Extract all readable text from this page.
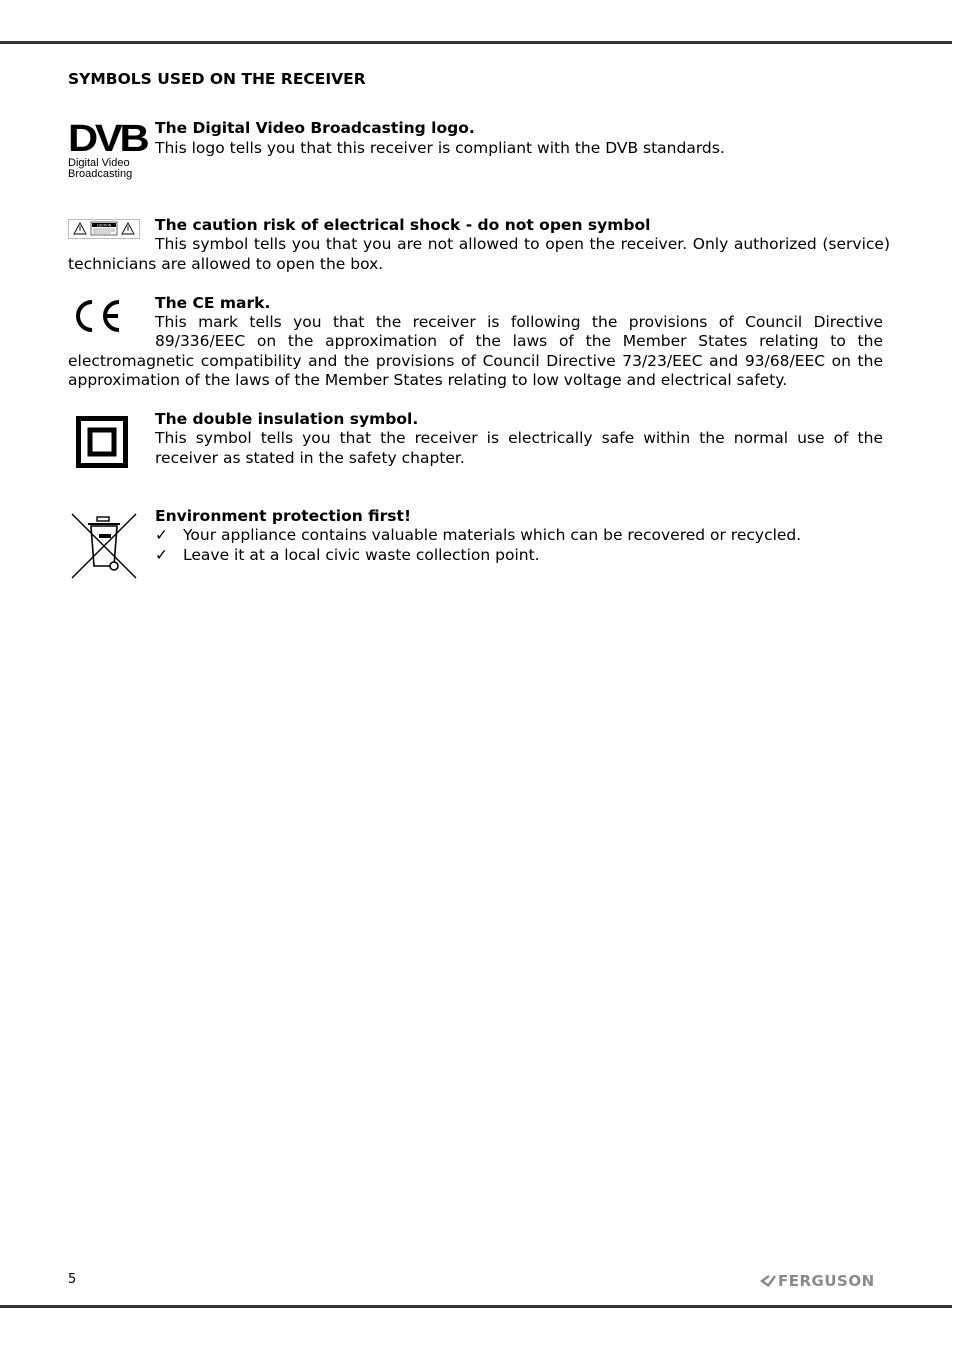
SYMBOLS USED ON THE RECEIVER
DVB
Digital Video
Broadcasting
The Digital Video Broadcasting logo.
This logo tells you that this receiver is compliant with the DVB standards.
CAUTION	The caution risk of electrical shock - do not open symbol
This symbol tells you that you are not allowed to open the receiver. Only authorized (service)
technicians are allowed to open the box.
The CE mark.
This mark tells you that the receiver is following the provisions of Council Directive
89/336/EEC on the approximation of the laws of the Member States relating to the
electromagnetic compatibility and the provisions of Council Directive 73/23/EEC and 93/68/EEC on the
approximation of the laws of the Member States relating to low voltage and electrical safety.
The double insulation symbol.
This symbol tells you that the receiver is electrically safe within the normal use of the
receiver as stated in the safety chapter.
Environment protection first!
✓ Your appliance contains valuable materials which can be recovered or recycled.
✓ Leave it at a local civic waste collection point.
5	FERGUSON
